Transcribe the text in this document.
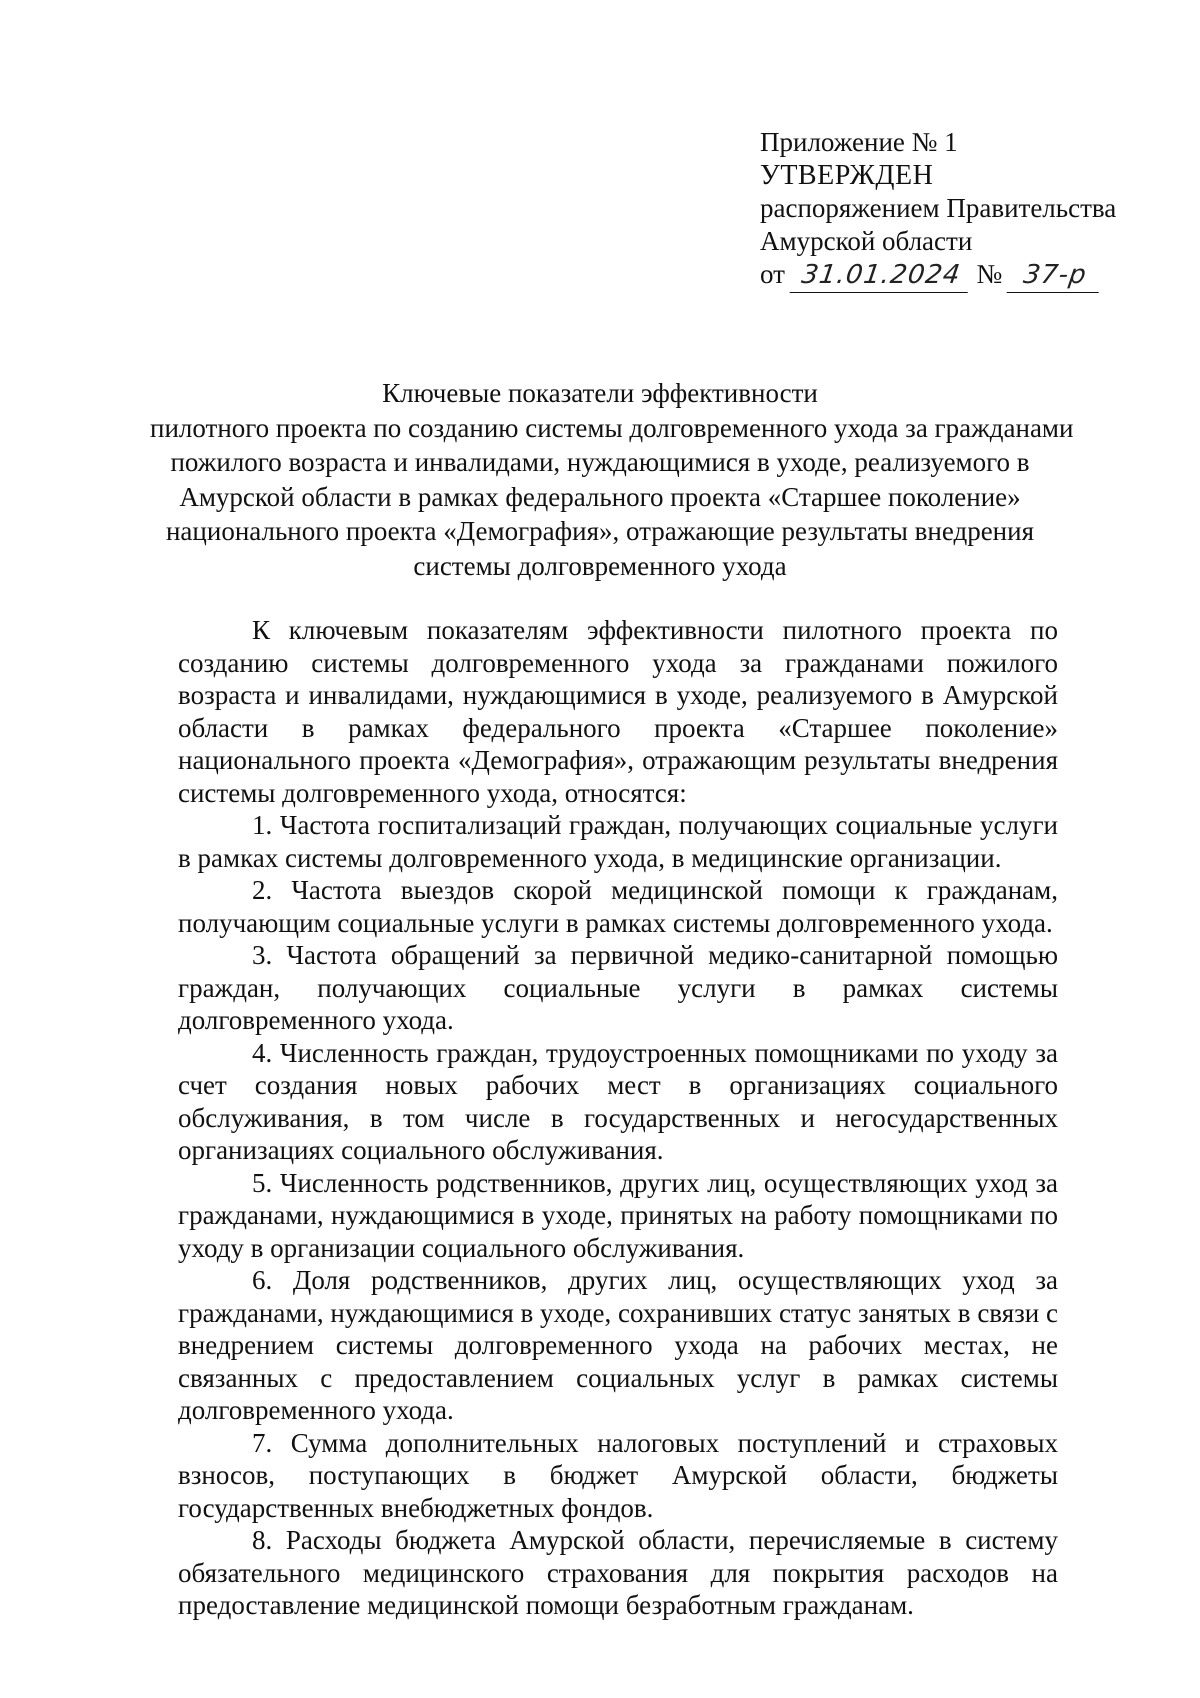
Приложение № 1
УТВЕРЖДЕН
распоряжением Правительства
Амурской области
от 31.01.2024 № 37-р
Ключевые показатели эффективности
пилотного проекта по созданию системы долговременного ухода за гражданами
пожилого возраста и инвалидами, нуждающимися в уходе, реализуемого в
Амурской области в рамках федерального проекта «Старшее поколение»
национального проекта «Демография», отражающие результаты внедрения
системы долговременного ухода

К ключевым показателям эффективности пилотного проекта по созданию системы долговременного ухода за гражданами пожилого возраста и инвалидами, нуждающимися в уходе, реализуемого в Амурской области в рамках федерального проекта «Старшее поколение» национального проекта «Демография», отражающим результаты внедрения системы долговременного ухода, относятся:

1. Частота госпитализаций граждан, получающих социальные услуги в рамках системы долговременного ухода, в медицинские организации.

2. Частота выездов скорой медицинской помощи к гражданам, получающим социальные услуги в рамках системы долговременного ухода.

3. Частота обращений за первичной медико-санитарной помощью граждан, получающих социальные услуги в рамках системы долговременного ухода.

4. Численность граждан, трудоустроенных помощниками по уходу за счет создания новых рабочих мест в организациях социального обслуживания, в том числе в государственных и негосударственных организациях социального обслуживания.

5. Численность родственников, других лиц, осуществляющих уход за гражданами, нуждающимися в уходе, принятых на работу помощниками по уходу в организации социального обслуживания.

6. Доля родственников, других лиц, осуществляющих уход за гражданами, нуждающимися в уходе, сохранивших статус занятых в связи с внедрением системы долговременного ухода на рабочих местах, не связанных с предоставлением социальных услуг в рамках системы долговременного ухода.

7. Сумма дополнительных налоговых поступлений и страховых взносов, поступающих в бюджет Амурской области, бюджеты государственных внебюджетных фондов.

8. Расходы бюджета Амурской области, перечисляемые в систему обязательного медицинского страхования для покрытия расходов на предоставление медицинской помощи безработным гражданам.
